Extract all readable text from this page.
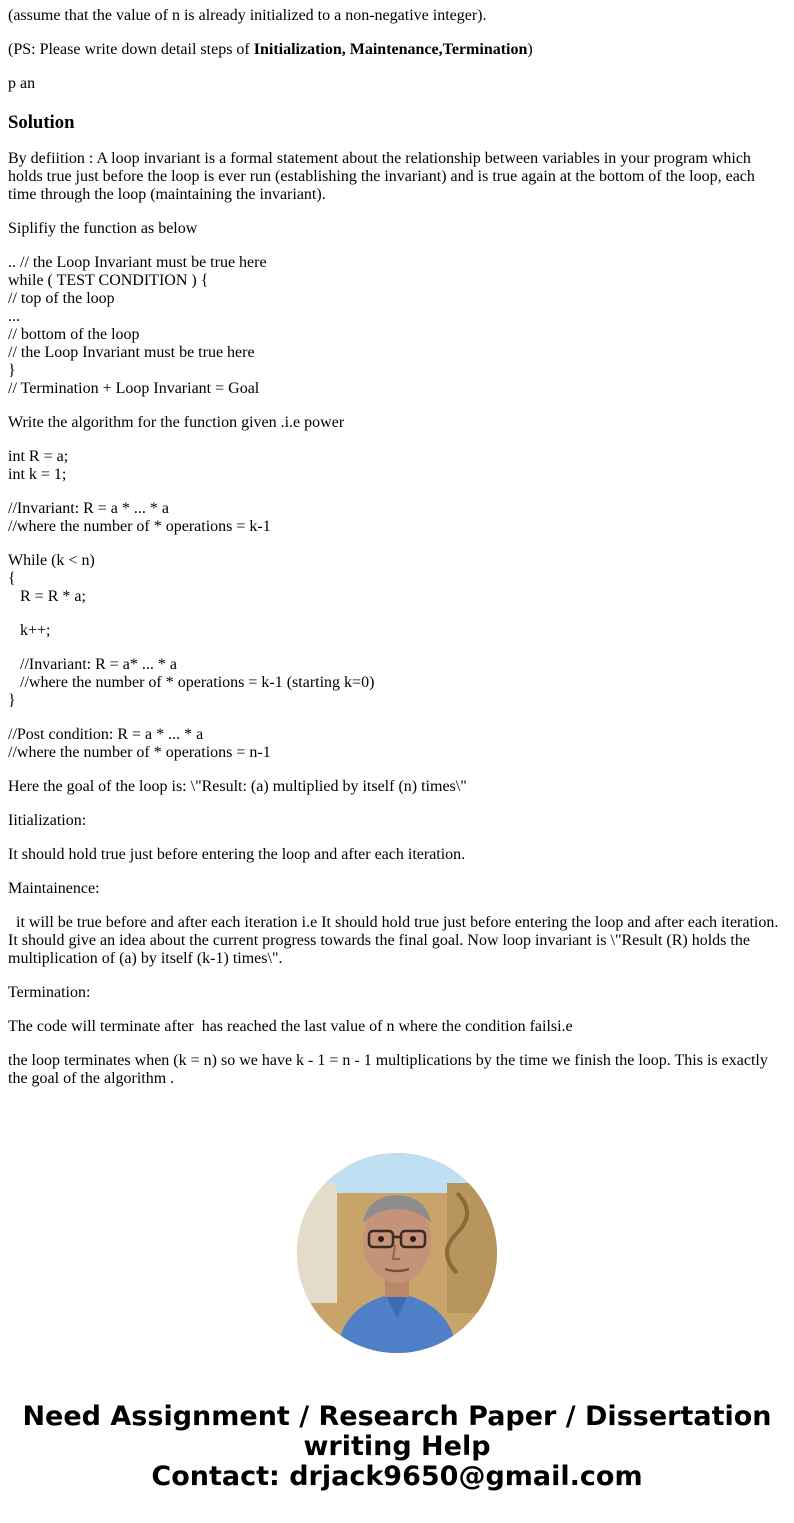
(assume that the value of n is already initialized to a non-negative integer).

(PS: Please write down detail steps of Initialization, Maintenance,Termination)

p an

Solution

By defiition : A loop invariant is a formal statement about the relationship between variables in your program which holds true just before the loop is ever run (establishing the invariant) and is true again at the bottom of the loop, each time through the loop (maintaining the invariant).

Siplifiy the function as below

.. // the Loop Invariant must be true here
while ( TEST CONDITION ) {
// top of the loop
...
// bottom of the loop
// the Loop Invariant must be true here
}
// Termination + Loop Invariant = Goal

Write the algorithm for the function given .i.e power

int R = a;
int k = 1;

//Invariant: R = a * ... * a
//where the number of * operations = k-1

While (k < n)
{
R = R * a;

k++;

//Invariant: R = a* ... * a
//where the number of * operations = k-1 (starting k=0)
}

//Post condition: R = a * ... * a
//where the number of * operations = n-1

Here the goal of the loop is: \"Result: (a) multiplied by itself (n) times\"

Iitialization:

It should hold true just before entering the loop and after each iteration.

Maintainence:

it will be true before and after each iteration i.e It should hold true just before entering the loop and after each iteration. It should give an idea about the current progress towards the final goal. Now loop invariant is \"Result (R) holds the multiplication of (a) by itself (k-1) times\".

Termination:

The code will terminate after  has reached the last value of n where the condition failsi.e

the loop terminates when (k = n) so we have k - 1 = n - 1 multiplications by the time we finish the loop. This is exactly the goal of the algorithm .

Need Assignment / Research Paper / Dissertation
writing Help
Contact: drjack9650@gmail.com
